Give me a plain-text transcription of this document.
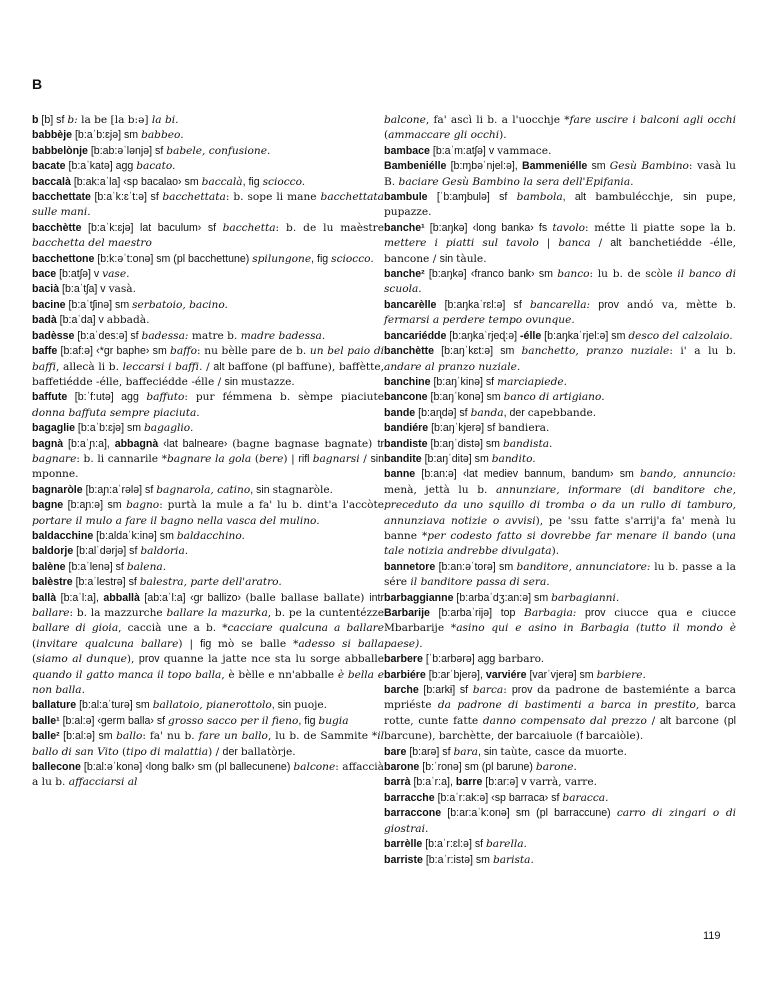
B

b [b] sf b: la be [la b:ə] la bi.

babbèje [b:aˈb:ɛjə] sm babbeo.

babbelònje [b:ab:əˈlənjə] sf babele, confusione.

bacate [b:aˈkatə] agg bacato.

baccalà [b:ak:aˈla] ‹sp bacalao› sm baccalà, fig sciocco.

bacchettate [b:aˈk:ɛˈt:ə] sf bacchettata: b. sope li mane bacchettata sulle mani.

bacchètte [b:aˈk:ɛjə] lat baculum› sf bacchetta: b. de lu maèstre bacchetta del maestro

bacchettone [b:k:əˈt:onə] sm (pl bacchettune) spilungone, fig sciocco.

bace [b:atʃə] v vase.

bacià [b:aˈtʃa] v vasà.

bacine [b:aˈtʃinə] sm serbatoio, bacino.

badà [b:aˈda] v abbadà.

badèsse [b:aˈdes:ə] sf badessa: matre b. madre badessa.

baffe [b:af:ə] ‹*gr baphe› sm baffo: nu bèlle pare de b. un bel paio di baffi, allecà li b. leccarsi i baffi. / alt baffone (pl baffune), baffètte, baffetiédde -élle, baffeciédde -élle / sin mustazze.

baffute [b:ˈf:utə] agg baffuto: pur fémmena b. sèmpe piaciute donna baffuta sempre piaciuta.

bagaglie [b:aˈb:ɛjə] sm bagaglio.

bagnà [b:aˈɲ:a], abbagnà ‹lat balneare› (bagne bagnase bagnate) tr bagnare: b. li cannarile *bagnare la gola (bere) | rifl bagnarsi / sin mponne.

bagnaròle [b:aɲ:aˈrələ] sf bagnarola, catino, sin stagnaròle.

bagne [b:aɲ:ə] sm bagno: purtà la mule a fa' lu b. dint'a l'accòte portare il mulo a fare il bagno nella vasca del mulino.

baldacchine [b:aldaˈk:inə] sm baldacchino.

baldorje [b:alˈdərjə] sf baldoria.

balène [b:aˈlenə] sf balena.

balèstre [b:aˈlestrə] sf balestra, parte dell'aratro.

ballà [b:aˈl:a], abballà [ab:aˈl:a] ‹gr ballizo› (balle ballase ballate) intr ballare: b. la mazzurche ballare la mazurka, b. pe la cuntentézze ballare di gioia, caccià une a b. *cacciare qualcuna a ballare (invitare qualcuna ballare) | fig mò se balle *adesso si balla (siamo al dunque), prov quanne la jatte nce sta lu sorge abballe quando il gatto manca il topo balla, è bèlle e nn'abballe è bella e non balla.

ballature [b:al:aˈturə] sm ballatoio, pianerottolo, sin puoje.

balle¹ [b:al:ə] ‹germ balla› sf grosso sacco per il fieno, fig bugia

balle² [b:al:ə] sm ballo: fa' nu b. fare un ballo, lu b. de Sammite *il ballo di san Vito (tipo di malattia) / der ballatòrje.

ballecone [b:al:əˈkonə] ‹long balk› sm (pl ballecunene) balcone: affaccià a lu b. affacciarsi al

balcone, fa' ascì li b. a l'uocchje *fare uscire i balconi agli occhi (ammaccare gli occhi).

bambace [b:aˈm:atʃə] v vammace.

Bambeniélle [b:ɱbəˈnjel:ə], Bammeniélle sm Gesù Bambino: vasà lu B. baciare Gesù Bambino la sera dell'Epifania.

bambule [ˈb:aɱbulə] sf bambola, alt bambulécchje, sin pupe, pupazze.

banche¹ [b:aŋkə] ‹long banka› fs tavolo: métte li piatte sope la b. mettere i piatti sul tavolo | banca / alt banchetiédde -élle, bancone / sin tàule.

banche² [b:aŋkə] ‹franco bank› sm banco: lu b. de scòle il banco di scuola.

bancarèlle [b:aŋkaˈrɛl:ə] sf bancarella: prov andó va, mètte b. fermarsi a perdere tempo ovunque.

bancariédde [b:aŋkaˈrjeɖ:ə] -élle [b:aŋkaˈrjel:ə] sm desco del calzolaio.

banchètte [b:aŋˈkɛt:ə] sm banchetto, pranzo nuziale: i' a lu b. andare al pranzo nuziale.

banchine [b:aŋˈkinə] sf marciapiede.

bancone [b:aŋˈkonə] sm banco di artigiano.

bande [b:aɳdə] sf banda, der capebbande.

bandiére [b:aŋˈkjerə] sf bandiera.

bandiste [b:aŋˈdistə] sm bandista.

bandite [b:aŋˈditə] sm bandito.

banne [b:an:ə] ‹lat mediev bannum, bandum› sm bando, annuncio: menà, jettà lu b. annunziare, informare (di banditore che, preceduto da uno squillo di tromba o da un rullo di tamburo, annunziava notizie o avvisi), pe 'ssu fatte s'arrij'a fa' menà lu banne *per codesto fatto si dovrebbe far menare il bando (una tale notizia andrebbe divulgata).

bannetore [b:an:əˈtorə] sm banditore, annunciatore: lu b. passe a la sére il banditore passa di sera.

barbaggianne [b:arbaˈdʒ:an:ə] sm barbagianni.

Barbarije [b:arbaˈrijə] top Barbagia: prov ciucce qua e ciucce Mbarbarije *asino qui e asino in Barbagia (tutto il mondo è paese).

barbere [ˈb:arbərə] agg barbaro.

barbiére [b:arˈbjerə], varviére [varˈvjerə] sm barbiere.

barche [b:arkɨ] sf barca: prov da padrone de bastemiénte a barca mpriéste da padrone di bastimenti a barca in prestito, barca rotte, cunte fatte danno compensato dal prezzo / alt barcone (pl barcune), barchètte, der barcaiuole (f barcaiòle).

bare [b:arə] sf bara, sin taùte, casce da muorte.

barone [b:ˈronə] sm (pl barune) barone.

barrà [b:aˈr:a], barre [b:ar:ə] v varrà, varre.

barracche [b:aˈr:ak:ə] ‹sp barraca› sf baracca.

barraccone [b:ar:aˈk:onə] sm (pl barraccune) carro di zingari o di giostrai.

barrèlle [b:aˈr:ɛl:ə] sf barella.

barriste [b:aˈr:istə] sm barista.

119
